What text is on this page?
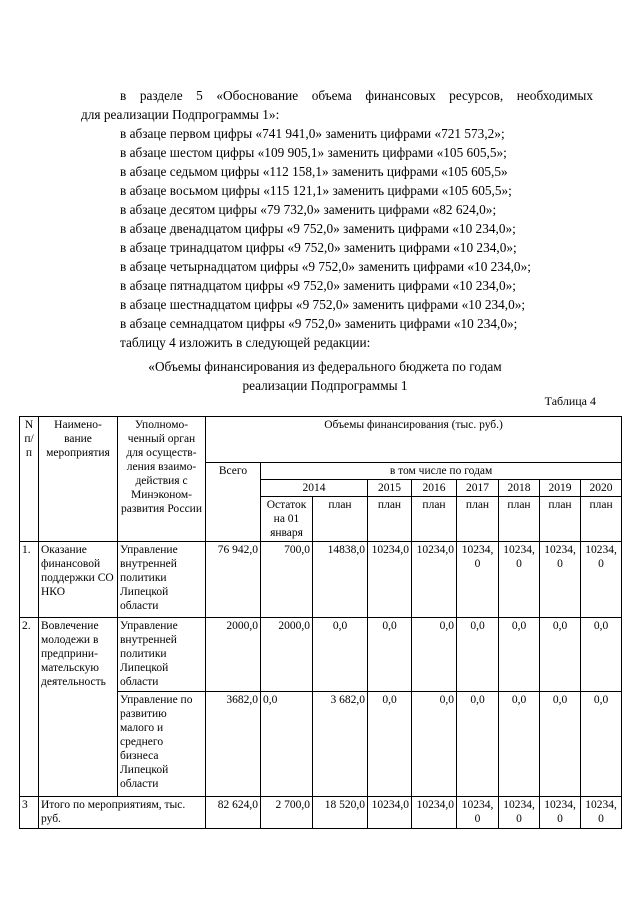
в разделе 5 «Обоснование объема финансовых ресурсов, необходимых
для реализации Подпрограммы 1»:
в абзаце первом цифры «741 941,0» заменить цифрами «721 573,2»;
в абзаце шестом цифры «109 905,1» заменить цифрами «105 605,5»;
в абзаце седьмом цифры «112 158,1» заменить цифрами «105 605,5»
в абзаце восьмом цифры «115 121,1» заменить цифрами «105 605,5»;
в абзаце десятом цифры «79 732,0» заменить цифрами «82 624,0»;
в абзаце двенадцатом цифры «9 752,0» заменить цифрами «10 234,0»;
в абзаце тринадцатом цифры «9 752,0» заменить цифрами «10 234,0»;
в абзаце четырнадцатом цифры «9 752,0» заменить цифрами «10 234,0»;
в абзаце пятнадцатом цифры «9 752,0» заменить цифрами «10 234,0»;
в абзаце шестнадцатом цифры «9 752,0» заменить цифрами «10 234,0»;
в абзаце семнадцатом цифры «9 752,0» заменить цифрами «10 234,0»;
таблицу 4 изложить в следующей редакции:
«Объемы финансирования из федерального бюджета по годам
реализации Подпрограммы 1
Таблица 4
N п/п	Наимено-вание мероприятия	Уполномо-ченный орган для осуществ-ления взаимо-действия с Минэконом-развития России	Объемы финансирования (тыс. руб.)								
			Всего	в том числе по годам							
				2014		2015	2016	2017	2018	2019	2020
				Остаток на 01 января	план	план	план	план	план	план	план
1.	Оказание финансовой поддержки СО НКО	Управление внутренней политики Липецкой области	76 942,0	700,0	14838,0	10234,0	10234,0	10234, 0	10234, 0	10234, 0	10234, 0
2.	Вовлечение молодежи в предприни-мательскую деятельность	Управление внутренней политики Липецкой области	2000,0	2000,0	0,0	0,0	0,0	0,0	0,0	0,0	0,0
		Управление по развитию малого и среднего бизнеса Липецкой области	3682,0	0,0	3 682,0	0,0	0,0	0,0	0,0	0,0	0,0
3	Итого по мероприятиям, тыс. руб.		82 624,0	2 700,0	18 520,0	10234,0	10234,0	10234, 0	10234, 0	10234, 0	10234, 0
